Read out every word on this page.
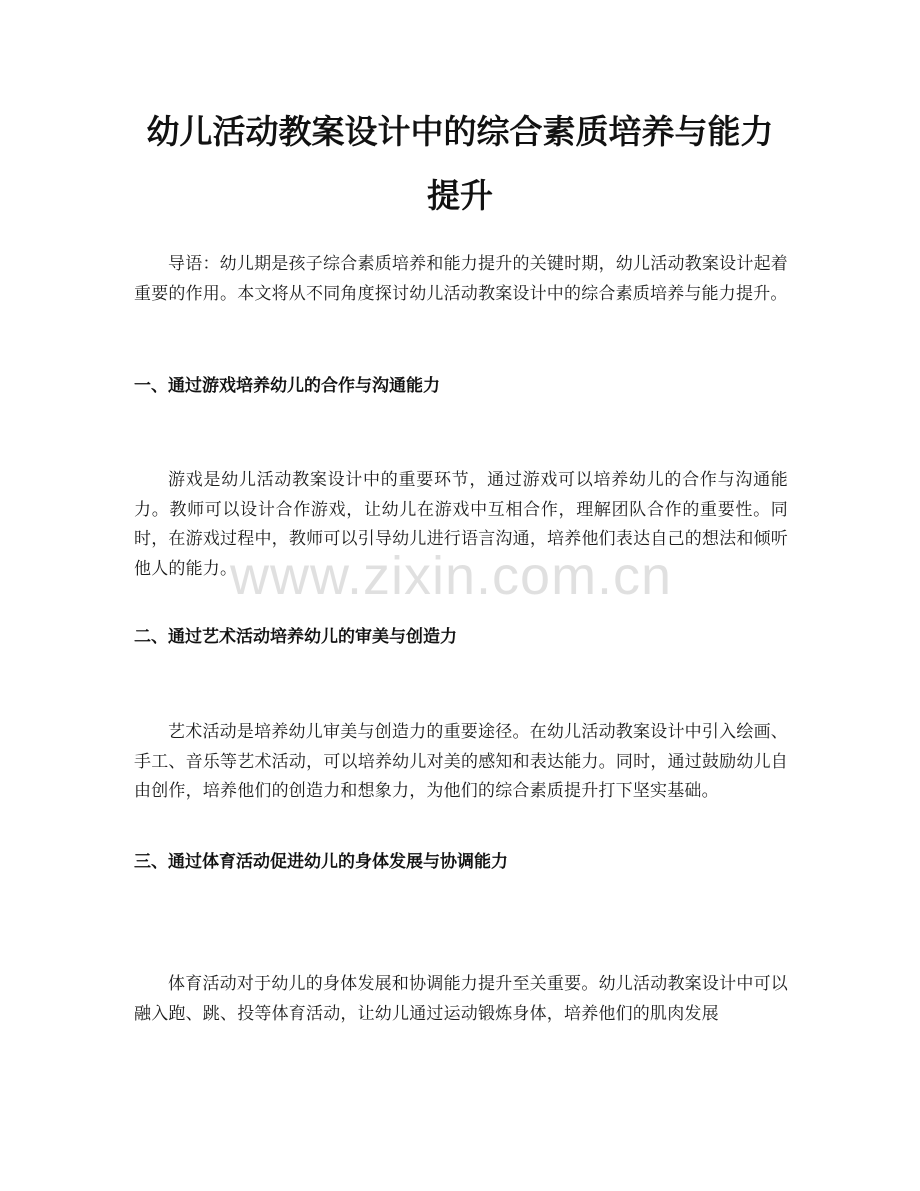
幼儿活动教案设计中的综合素质培养与能力
提升

导语：幼儿期是孩子综合素质培养和能力提升的关键时期，幼儿活动教案设计起着重要的作用。本文将从不同角度探讨幼儿活动教案设计中的综合素质培养与能力提升。

一、通过游戏培养幼儿的合作与沟通能力

游戏是幼儿活动教案设计中的重要环节，通过游戏可以培养幼儿的合作与沟通能力。教师可以设计合作游戏，让幼儿在游戏中互相合作，理解团队合作的重要性。同时，在游戏过程中，教师可以引导幼儿进行语言沟通，培养他们表达自己的想法和倾听他人的能力。

二、通过艺术活动培养幼儿的审美与创造力

艺术活动是培养幼儿审美与创造力的重要途径。在幼儿活动教案设计中引入绘画、手工、音乐等艺术活动，可以培养幼儿对美的感知和表达能力。同时，通过鼓励幼儿自由创作，培养他们的创造力和想象力，为他们的综合素质提升打下坚实基础。

三、通过体育活动促进幼儿的身体发展与协调能力

体育活动对于幼儿的身体发展和协调能力提升至关重要。幼儿活动教案设计中可以融入跑、跳、投等体育活动，让幼儿通过运动锻炼身体，培养他们的肌肉发展

www.zixin.com.cn
